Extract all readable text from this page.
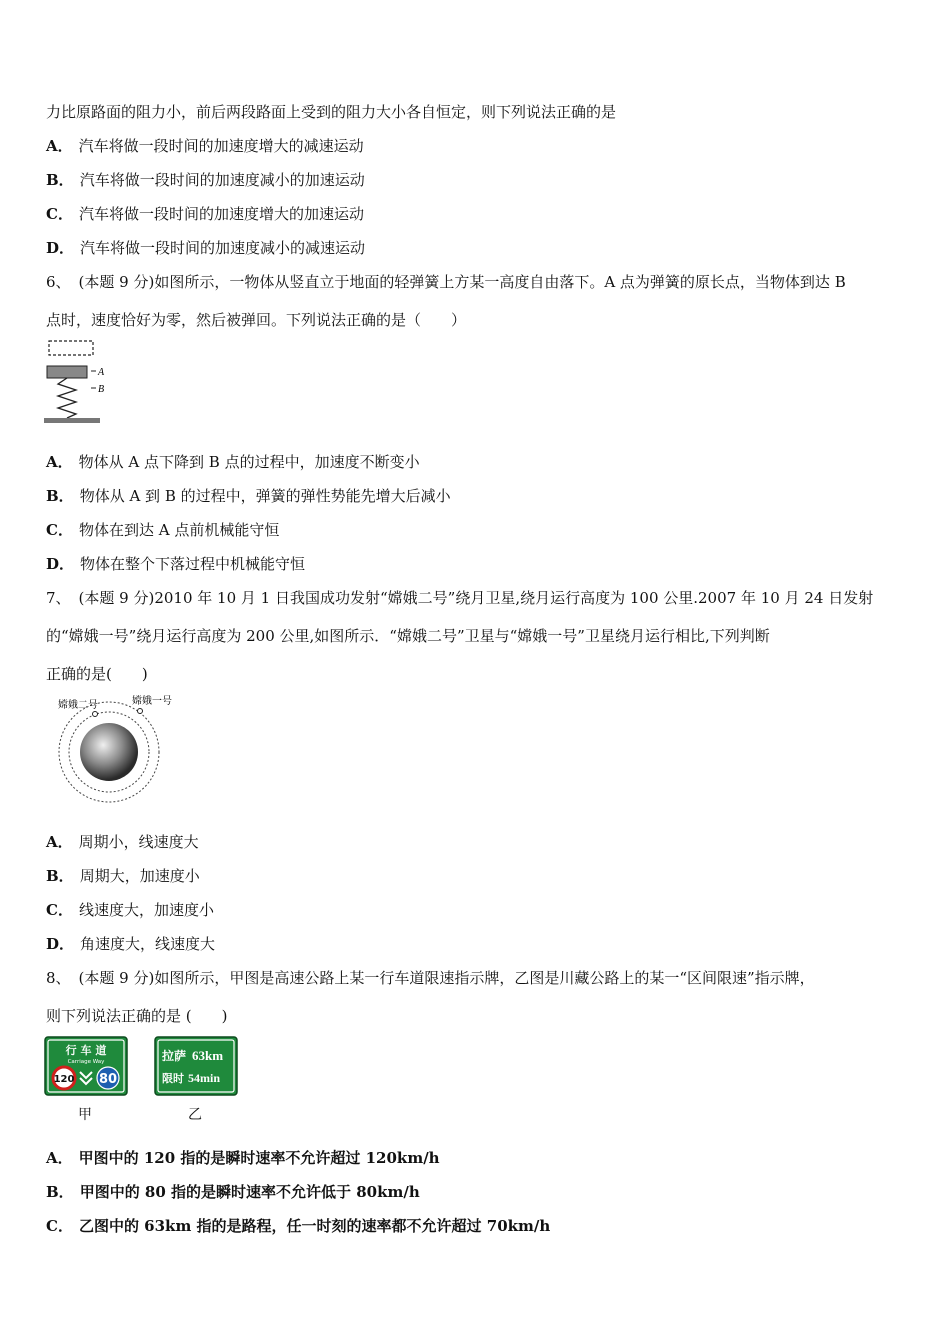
力比原路面的阻力小，前后两段路面上受到的阻力大小各自恒定，则下列说法正确的是
A． 汽车将做一段时间的加速度增大的减速运动
B． 汽车将做一段时间的加速度减小的加速运动
C． 汽车将做一段时间的加速度增大的加速运动
D． 汽车将做一段时间的加速度减小的减速运动
6、 (本题 9 分)如图所示，一物体从竖直立于地面的轻弹簧上方某一高度自由落下。A 点为弹簧的原长点，当物体到达 B
点时，速度恰好为零，然后被弹回。下列说法正确的是（　　）
A
B
A． 物体从 A 点下降到 B 点的过程中，加速度不断变小
B． 物体从 A 到 B 的过程中，弹簧的弹性势能先增大后减小
C． 物体在到达 A 点前机械能守恒
D． 物体在整个下落过程中机械能守恒
7、 (本题 9 分)2010 年 10 月 1 日我国成功发射“嫦娥二号”绕月卫星,绕月运行高度为 100 公里.2007 年 10 月 24 日发射
的“嫦娥一号”绕月运行高度为 200 公里,如图所示．“嫦娥二号”卫星与“嫦娥一号”卫星绕月运行相比,下列判断
正确的是(　　)
嫦娥二号	嫦娥一号
A． 周期小，线速度大
B． 周期大，加速度小
C． 线速度大，加速度小
D． 角速度大，线速度大
8、 (本题 9 分)如图所示，甲图是高速公路上某一行车道限速指示牌，乙图是川藏公路上的某一“区间限速”指示牌，
则下列说法正确的是 (　　)
行 车 道
Carriage Way
120 80
甲
拉萨 63km
限时 54min
乙
A． 甲图中的 120 指的是瞬时速率不允许超过 120km/h
B． 甲图中的 80 指的是瞬时速率不允许低于 80km/h
C． 乙图中的 63km 指的是路程，任一时刻的速率都不允许超过 70km/h
